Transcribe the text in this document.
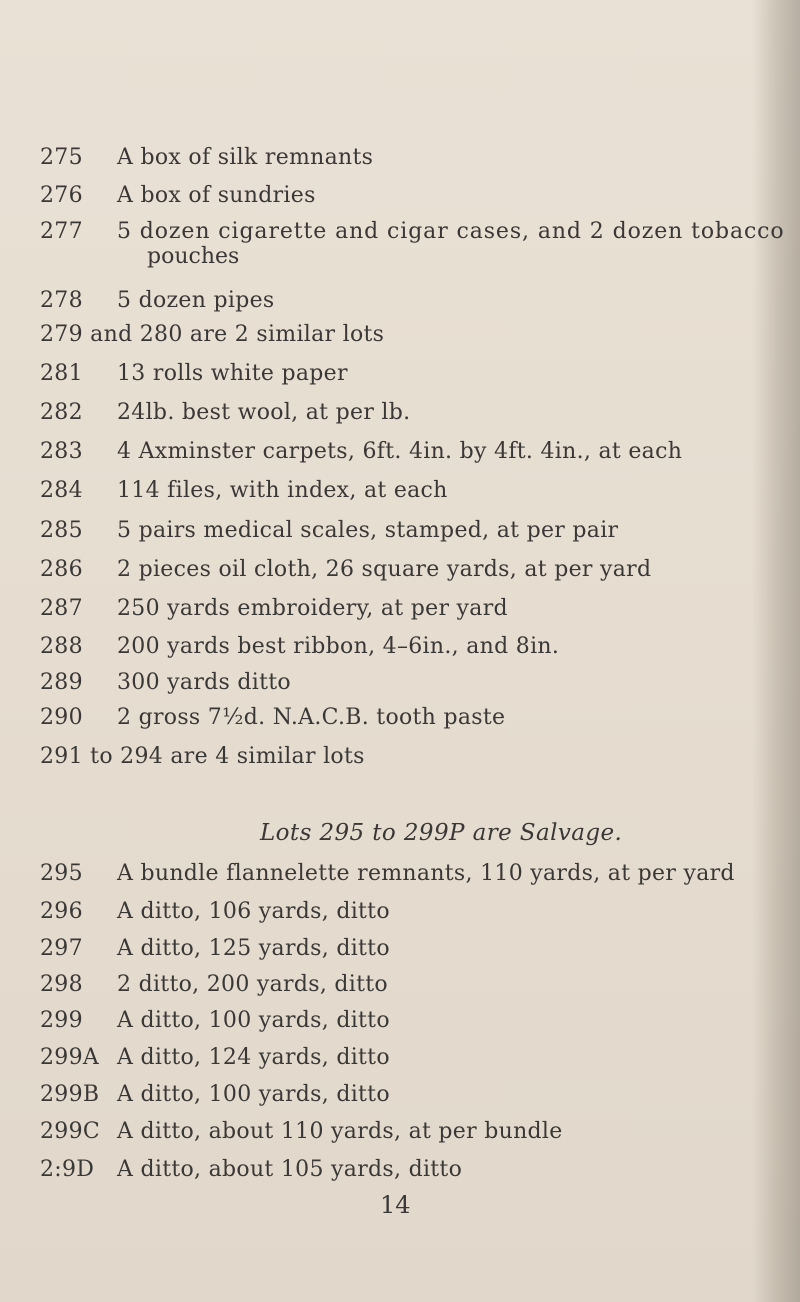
275 A box of silk remnants
276 A box of sundries
277 5 dozen cigarette and cigar cases, and 2 dozen tobacco
pouches
278 5 dozen pipes
279 and 280 are 2 similar lots
281 13 rolls white paper
282 24lb. best wool, at per lb.
283 4 Axminster carpets, 6ft. 4in. by 4ft. 4in., at each
284 114 files, with index, at each
285 5 pairs medical scales, stamped, at per pair
286 2 pieces oil cloth, 26 square yards, at per yard
287 250 yards embroidery, at per yard
288 200 yards best ribbon, 4–6in., and 8in.
289 300 yards ditto
290 2 gross 7½d. N.A.C.B. tooth paste
291 to 294 are 4 similar lots
Lots 295 to 299P are Salvage.
295 A bundle flannelette remnants, 110 yards, at per yard
296 A ditto, 106 yards, ditto
297 A ditto, 125 yards, ditto
298 2 ditto, 200 yards, ditto
299 A ditto, 100 yards, ditto
299A A ditto, 124 yards, ditto
299B A ditto, 100 yards, ditto
299C A ditto, about 110 yards, at per bundle
2:9D A ditto, about 105 yards, ditto
14
